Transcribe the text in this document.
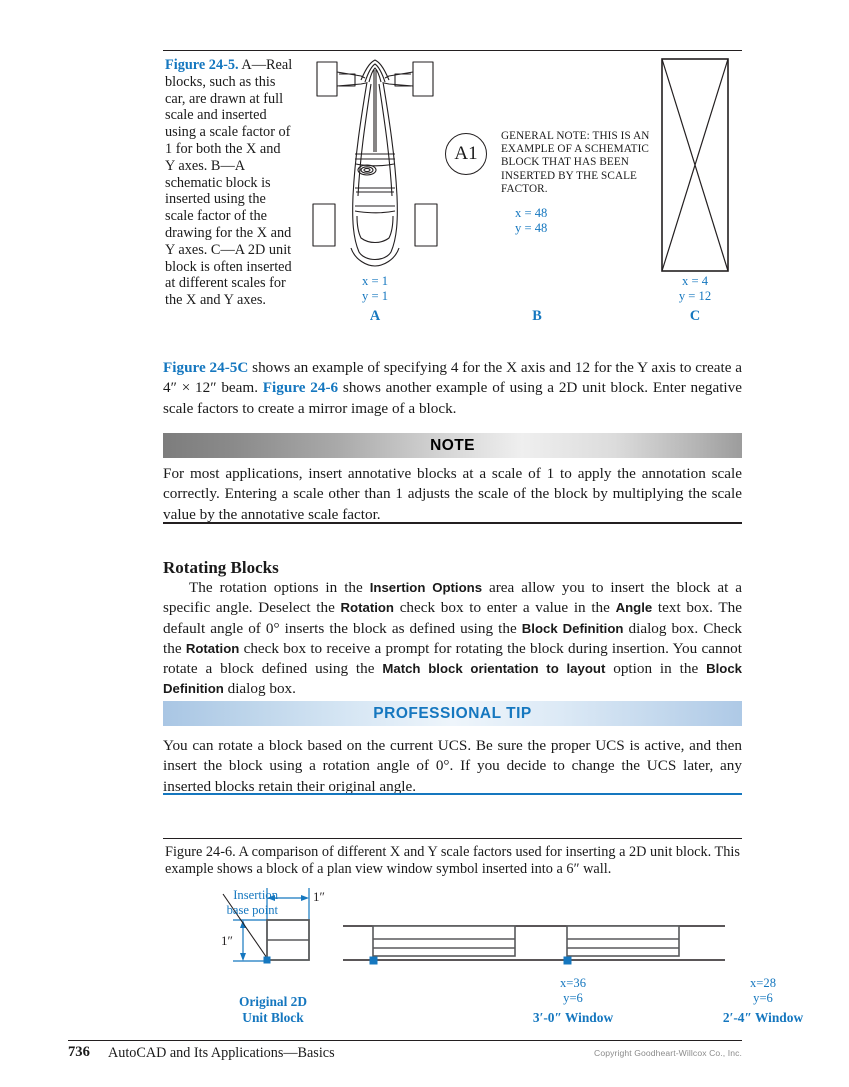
Figure 24-5. A—Real blocks, such as this car, are drawn at full scale and inserted using a scale factor of 1 for both the X and Y axes. B—A schematic block is inserted using the scale factor of the drawing for the X and Y axes. C—A 2D unit block is often inserted at different scales for the X and Y axes.
A1
GENERAL NOTE: THIS IS AN EXAMPLE OF A SCHEMATIC BLOCK THAT HAS BEEN INSERTED BY THE SCALE FACTOR.
x = 48
y = 48
x = 1
y = 1
x = 4
y = 12
A	B	C
Figure 24-5C shows an example of specifying 4 for the X axis and 12 for the Y axis to create a 4″ × 12″ beam. Figure 24-6 shows another example of using a 2D unit block. Enter negative scale factors to create a mirror image of a block.
NOTE
For most applications, insert annotative blocks at a scale of 1 to apply the annotation scale correctly. Entering a scale other than 1 adjusts the scale of the block by multiplying the scale value by the annotative scale factor.
Rotating Blocks
The rotation options in the Insertion Options area allow you to insert the block at a specific angle. Deselect the Rotation check box to enter a value in the Angle text box. The default angle of 0° inserts the block as defined using the Block Definition dialog box. Check the Rotation check box to receive a prompt for rotating the block during insertion. You cannot rotate a block defined using the Match block orientation to layout option in the Block Definition dialog box.
PROFESSIONAL TIP
You can rotate a block based on the current UCS. Be sure the proper UCS is active, and then insert the block using a rotation angle of 0°. If you decide to change the UCS later, any inserted blocks retain their original angle.
Figure 24-6. A comparison of different X and Y scale factors used for inserting a 2D unit block. This example shows a block of a plan view window symbol inserted into a 6″ wall.
1″
1″
Insertion
base point
Original 2D
Unit Block
x=36
y=6
3′-0″ Window
x=28
y=6
2′-4″ Window
736 AutoCAD and Its Applications—Basics	Copyright Goodheart-Willcox Co., Inc.
